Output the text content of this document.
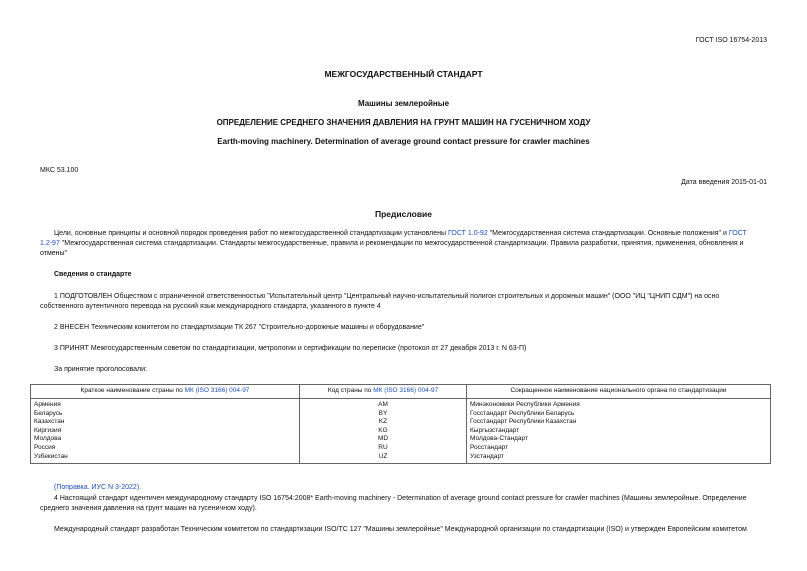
ГОСТ ISO 16754-2013
МЕЖГОСУДАРСТВЕННЫЙ СТАНДАРТ
Машины землеройные
ОПРЕДЕЛЕНИЕ СРЕДНЕГО ЗНАЧЕНИЯ ДАВЛЕНИЯ НА ГРУНТ МАШИН НА ГУСЕНИЧНОМ ХОДУ
Earth-moving machinery. Determination of average ground contact pressure for crawler machines
МКС 53.100
Дата введения 2015-01-01
Предисловие
Цели, основные принципы и основной порядок проведения работ по межгосударственной стандартизации установлены ГОСТ 1.0-92 "Межгосударственная система стандартизации. Основные положения" и ГОСТ
1.2-97 "Межгосударственная система стандартизации. Стандарты межгосударственные, правила и рекомендации по межгосударственной стандартизации. Правила разработки, принятия, применения, обновления и
отмены"
Сведения о стандарте
1 ПОДГОТОВЛЕН Обществом с ограниченной ответственностью "Испытательный центр "Центральный научно-испытательный полигон строительных и дорожных машин" (ООО "ИЦ "ЦНИП СДМ") на осно
собственного аутентичного перевода на русский язык международного стандарта, указанного в пункте 4
2 ВНЕСЕН Техническим комитетом по стандартизации ТК 267 "Строительно-дорожные машины и оборудование"
3 ПРИНЯТ Межгосударственным советом по стандартизации, метрологии и сертификации по переписке (протокол от 27 декабря 2013 г. N 63-П)
За принятие проголосовали:
Краткое наименование страны по МК (ISO 3166) 004-97	Код страны по МК (ISO 3166) 004-97	Сокращенное наименование национального органа по стандартизации
Армения	AM	Минэкономики Республики Армения
Беларусь	BY	Госстандарт Республики Беларусь
Казахстан	KZ	Госстандарт Республики Казахстан
Киргизия	KG	Кыргызстандарт
Молдова	MD	Молдова-Стандарт
Россия	RU	Росстандарт
Узбекистан	UZ	Узстандарт
(Поправка. ИУС N 3-2022).
4 Настоящий стандарт идентичен международному стандарту ISO 16754:2008* Earth-moving machinery - Determination of average ground contact pressure for crawler machines (Машины землеройные. Определение
среднего значения давления на грунт машин на гусеничном ходу).
Международный стандарт разработан Техническим комитетом по стандартизации ISO/TC 127 "Машины землеройные" Международной организации по стандартизации (ISO) и утвержден Европейским комитетом
